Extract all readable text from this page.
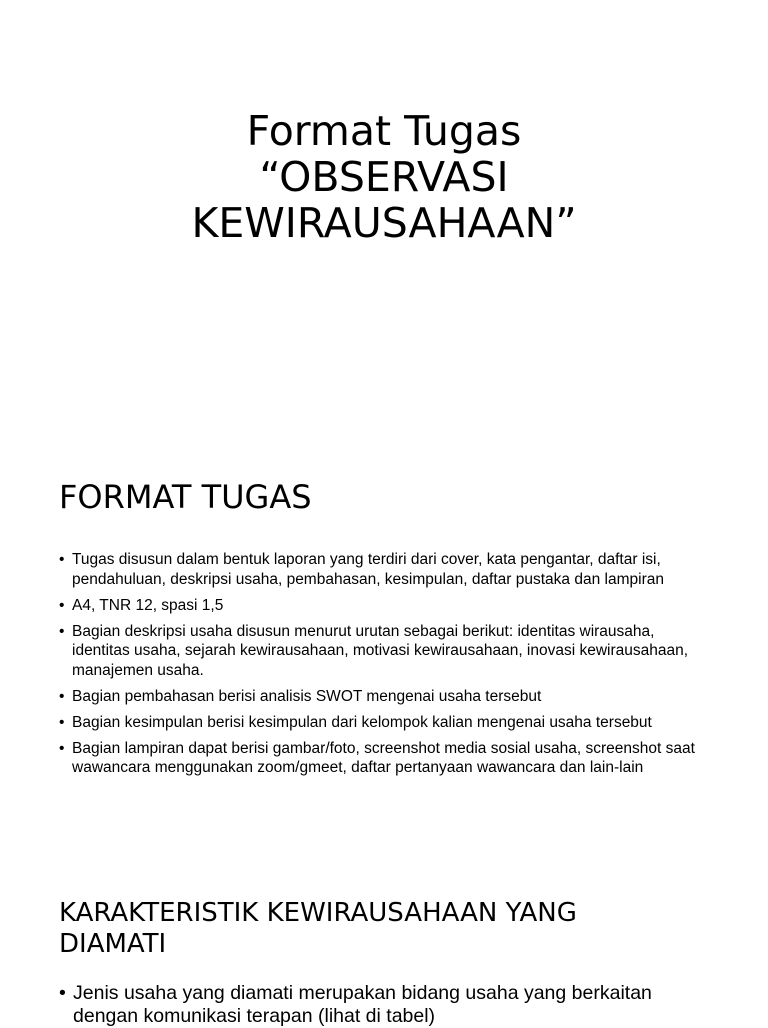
Format Tugas
“OBSERVASI
KEWIRAUSAHAAN”
FORMAT TUGAS
• Tugas disusun dalam bentuk laporan yang terdiri dari cover, kata pengantar, daftar isi, pendahuluan, deskripsi usaha, pembahasan, kesimpulan, daftar pustaka dan lampiran
• A4, TNR 12, spasi 1,5
• Bagian deskripsi usaha disusun menurut urutan sebagai berikut: identitas wirausaha, identitas usaha, sejarah kewirausahaan, motivasi kewirausahaan, inovasi kewirausahaan, manajemen usaha.
• Bagian pembahasan berisi analisis SWOT mengenai usaha tersebut
• Bagian kesimpulan berisi kesimpulan dari kelompok kalian mengenai usaha tersebut
• Bagian lampiran dapat berisi gambar/foto, screenshot media sosial usaha, screenshot saat wawancara menggunakan zoom/gmeet, daftar pertanyaan wawancara dan lain-lain
KARAKTERISTIK KEWIRAUSAHAAN YANG
DIAMATI
• Jenis usaha yang diamati merupakan bidang usaha yang berkaitan dengan komunikasi terapan (lihat di tabel)
